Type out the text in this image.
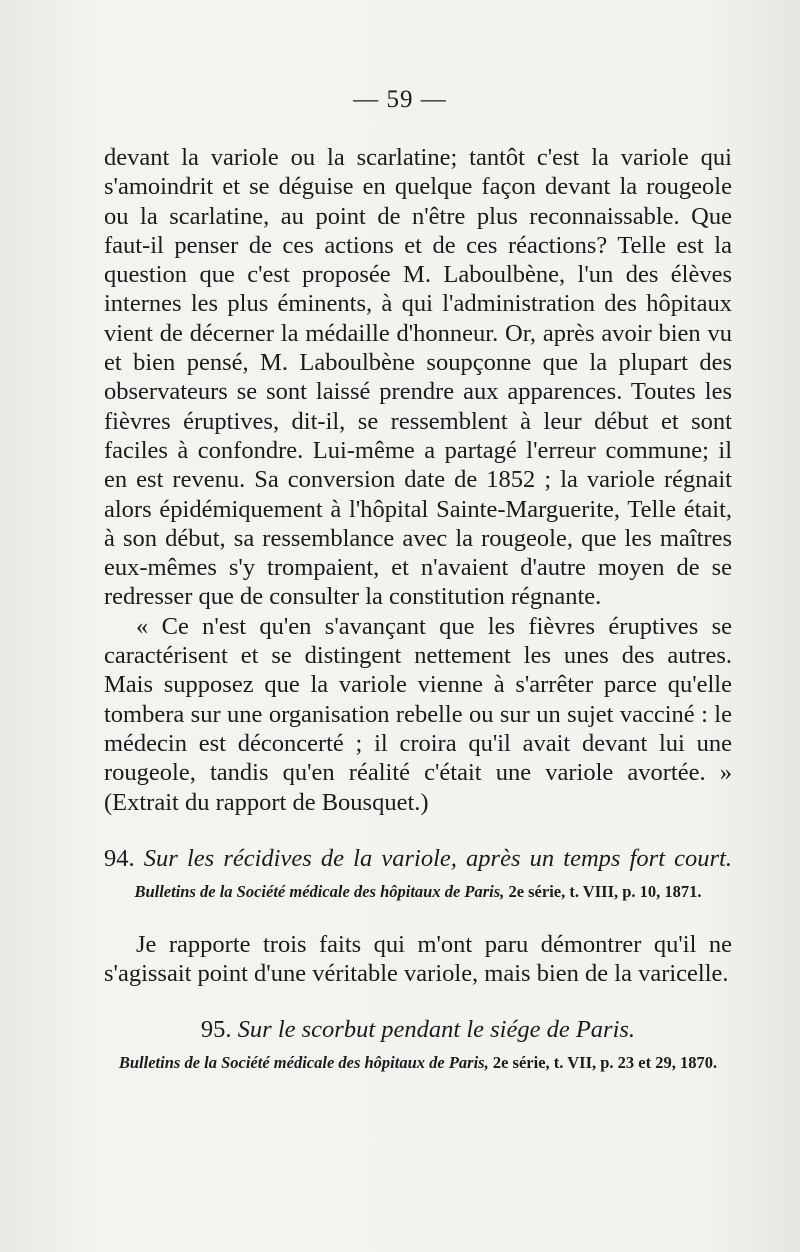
— 59 —

devant la variole ou la scarlatine; tantôt c'est la variole qui s'amoindrit et se déguise en quelque façon devant la rougeole ou la scarlatine, au point de n'être plus reconnaissable. Que faut-il penser de ces actions et de ces réactions? Telle est la question que c'est proposée M. Laboulbène, l'un des élèves internes les plus éminents, à qui l'administration des hôpitaux vient de décerner la médaille d'honneur. Or, après avoir bien vu et bien pensé, M. Laboulbène soupçonne que la plupart des observateurs se sont laissé prendre aux apparences. Toutes les fièvres éruptives, dit-il, se ressemblent à leur début et sont faciles à confondre. Lui-même a partagé l'erreur commune; il en est revenu. Sa conversion date de 1852 ; la variole régnait alors épidémiquement à l'hôpital Sainte-Marguerite, Telle était, à son début, sa ressemblance avec la rougeole, que les maîtres eux-mêmes s'y trompaient, et n'avaient d'autre moyen de se redresser que de consulter la constitution régnante.

« Ce n'est qu'en s'avançant que les fièvres éruptives se caractérisent et se distingent nettement les unes des autres. Mais supposez que la variole vienne à s'arrêter parce qu'elle tombera sur une organisation rebelle ou sur un sujet vacciné : le médecin est déconcerté ; il croira qu'il avait devant lui une rougeole, tandis qu'en réalité c'était une variole avortée. » (Extrait du rapport de Bousquet.)

94. Sur les récidives de la variole, après un temps fort court.

Bulletins de la Société médicale des hôpitaux de Paris, 2e série, t. VIII, p. 10, 1871.

Je rapporte trois faits qui m'ont paru démontrer qu'il ne s'agissait point d'une véritable variole, mais bien de la varicelle.

95. Sur le scorbut pendant le siége de Paris.

Bulletins de la Société médicale des hôpitaux de Paris, 2e série, t. VII, p. 23 et 29, 1870.
